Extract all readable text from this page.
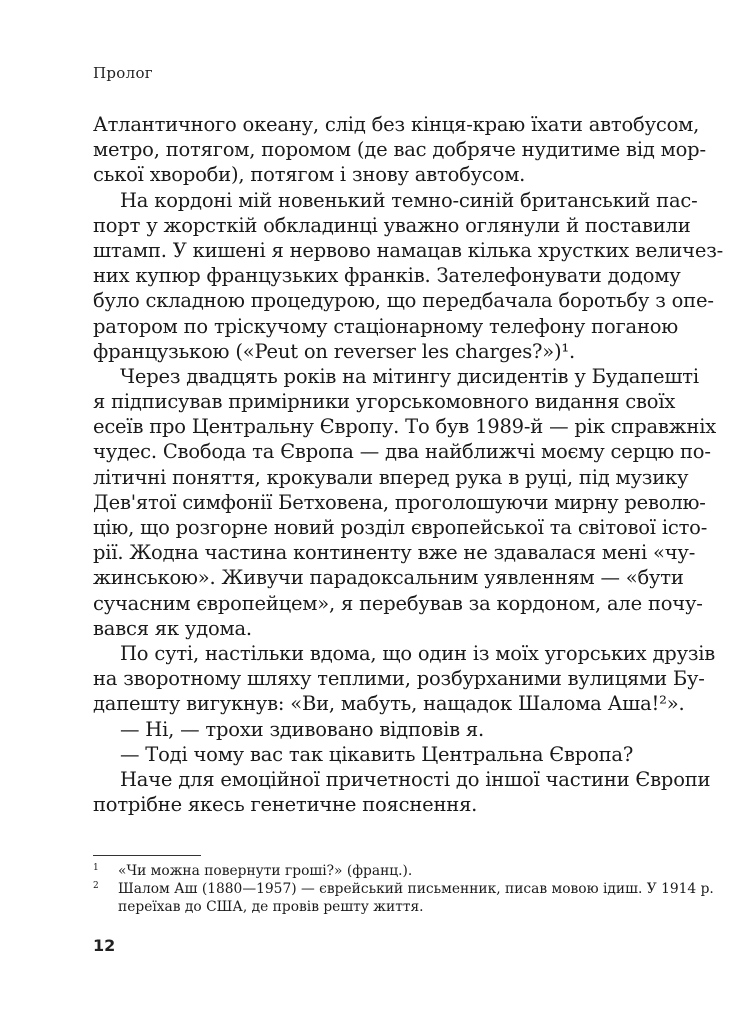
Пролог
Атлантичного океану, слід без кінця-краю їхати автобусом,
метро, потягом, поромом (де вас добряче нудитиме від мор-
ської хвороби), потягом і знову автобусом.
На кордоні мій новенький темно-синій британський пас-
порт у жорсткій обкладинці уважно оглянули й поставили
штамп. У кишені я нервово намацав кілька хрустких величез-
них купюр французьких франків. Зателефонувати додому
було складною процедурою, що передбачала боротьбу з опе-
ратором по тріскучому стаціонарному телефону поганою
французькою («Peut on reverser les charges?»)¹.
Через двадцять років на мітингу дисидентів у Будапешті
я підписував примірники угорськомовного видання своїх
есеїв про Центральну Європу. То був 1989-й — рік справжніх
чудес. Свобода та Європа — два найближчі моєму серцю по-
літичні поняття, крокували вперед рука в руці, під музику
Дев'ятої симфонії Бетховена, проголошуючи мирну револю-
цію, що розгорне новий розділ європейської та світової істо-
рії. Жодна частина континенту вже не здавалася мені «чу-
жинською». Живучи парадоксальним уявленням — «бути
сучасним європейцем», я перебував за кордоном, але почу-
вався як удома.
По суті, настільки вдома, що один із моїх угорських друзів
на зворотному шляху теплими, розбурханими вулицями Бу-
дапешту вигукнув: «Ви, мабуть, нащадок Шалома Аша!²».
— Ні, — трохи здивовано відповів я.
— Тоді чому вас так цікавить Центральна Європа?
Наче для емоційної причетності до іншої частини Європи
потрібне якесь генетичне пояснення.
1 «Чи можна повернути гроші?» (франц.).
2 Шалом Аш (1880—1957) — єврейський письменник, писав мовою ідиш. У 1914 р.
переїхав до США, де провів решту життя.
12
